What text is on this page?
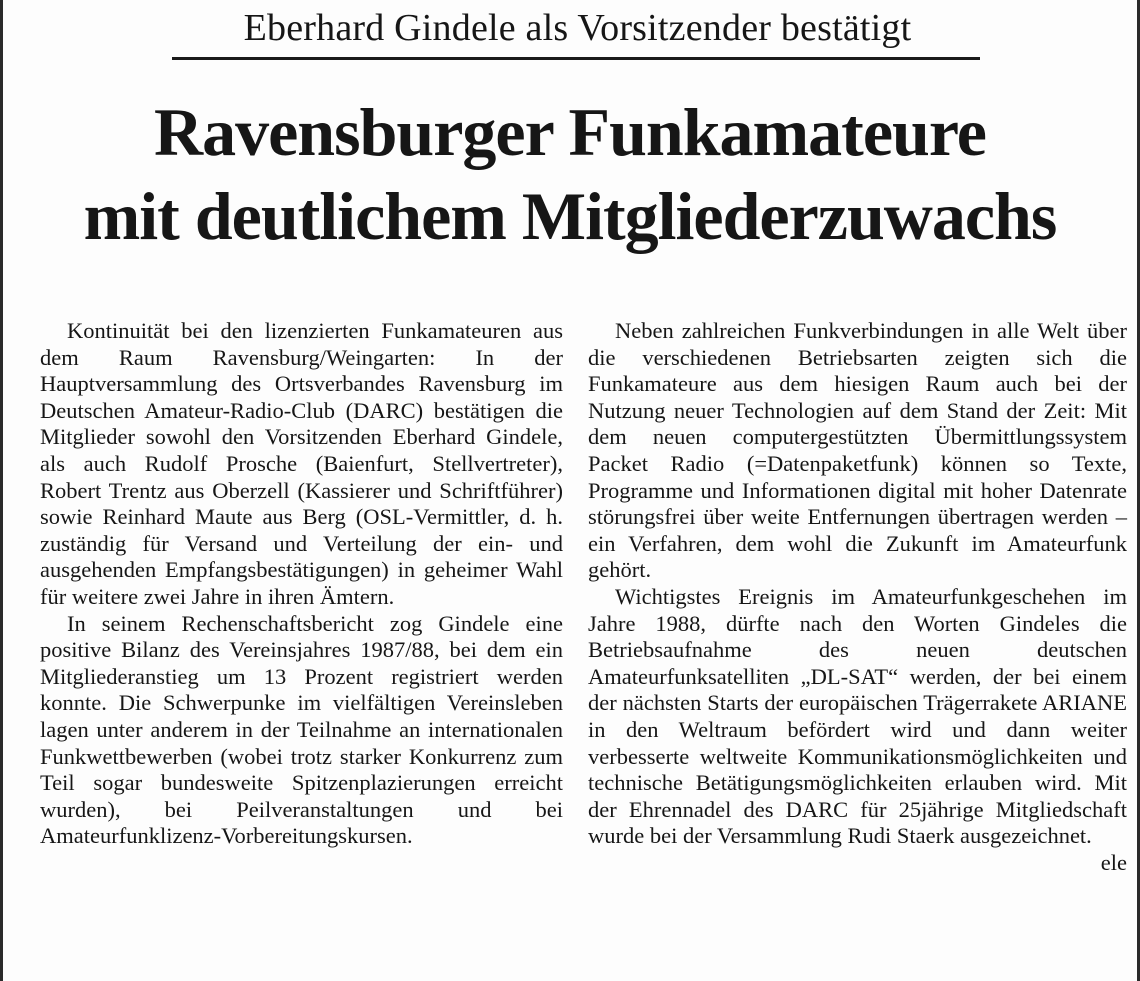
Eberhard Gindele als Vorsitzender bestätigt
Ravensburger Funkamateure
mit deutlichem Mitgliederzuwachs

Kontinuität bei den lizenzierten Funkamateuren aus dem Raum Ravensburg/Weingarten: In der Hauptversammlung des Ortsverbandes Ravensburg im Deutschen Amateur-Radio-Club (DARC) bestätigen die Mitglieder sowohl den Vorsitzenden Eberhard Gindele, als auch Rudolf Prosche (Baienfurt, Stellvertreter), Robert Trentz aus Oberzell (Kassierer und Schriftführer) sowie Reinhard Maute aus Berg (OSL-Vermittler, d. h. zuständig für Versand und Verteilung der ein- und ausgehenden Empfangsbestätigungen) in geheimer Wahl für weitere zwei Jahre in ihren Ämtern.

In seinem Rechenschaftsbericht zog Gindele eine positive Bilanz des Vereinsjahres 1987/88, bei dem ein Mitgliederanstieg um 13 Prozent registriert werden konnte. Die Schwerpunke im vielfältigen Vereinsleben lagen unter anderem in der Teilnahme an internationalen Funkwettbewerben (wobei trotz starker Konkurrenz zum Teil sogar bundesweite Spitzenplazierungen erreicht wurden), bei Peilveranstaltungen und bei Amateurfunklizenz-Vorbereitungskursen.

Neben zahlreichen Funkverbindungen in alle Welt über die verschiedenen Betriebsarten zeigten sich die Funkamateure aus dem hiesigen Raum auch bei der Nutzung neuer Technologien auf dem Stand der Zeit: Mit dem neuen computergestützten Übermittlungssystem Packet Radio (=Datenpaketfunk) können so Texte, Programme und Informationen digital mit hoher Datenrate störungsfrei über weite Entfernungen übertragen werden – ein Verfahren, dem wohl die Zukunft im Amateurfunk gehört.

Wichtigstes Ereignis im Amateurfunkgeschehen im Jahre 1988, dürfte nach den Worten Gindeles die Betriebsaufnahme des neuen deutschen Amateurfunksatelliten „DL-SAT“ werden, der bei einem der nächsten Starts der europäischen Trägerrakete ARIANE in den Weltraum befördert wird und dann weiter verbesserte weltweite Kommunikationsmöglichkeiten und technische Betätigungsmöglichkeiten erlauben wird. Mit der Ehrennadel des DARC für 25jährige Mitgliedschaft wurde bei der Versammlung Rudi Staerk ausgezeichnet.

ele
